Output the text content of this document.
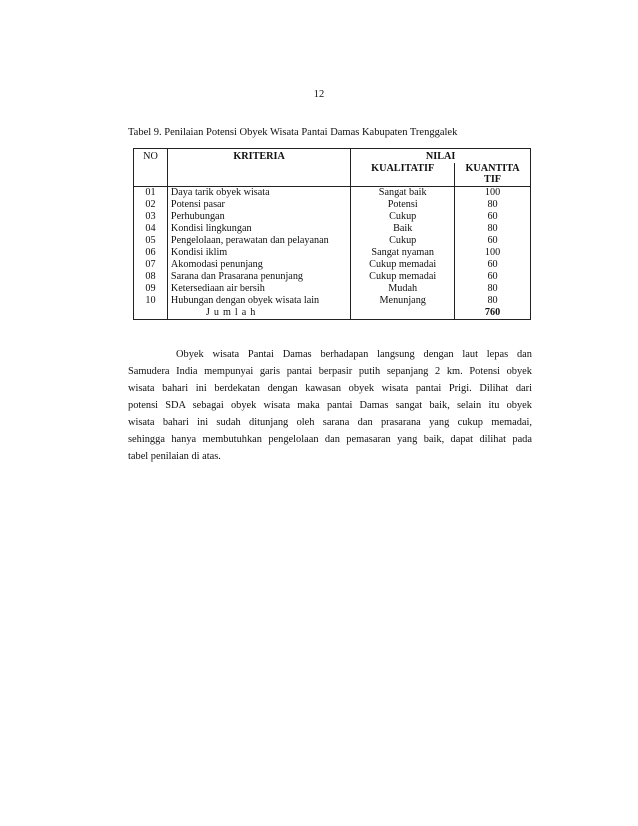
12
Tabel 9. Penilaian Potensi Obyek Wisata Pantai Damas Kabupaten Trenggalek
NO	KRITERIA	NILAI	
		KUALITATIF	KUANTITA
TIF
01	Daya tarik obyek wisata	Sangat baik	100
02	Potensi pasar	Potensi	80
03	Perhubungan	Cukup	60
04	Kondisi lingkungan	Baik	80
05	Pengelolaan, perawatan dan pelayanan	Cukup	60
06	Kondisi iklim	Sangat nyaman	100
07	Akomodasi penunjang	Cukup memadai	60
08	Sarana dan Prasarana penunjang	Cukup memadai	60
09	Ketersediaan air bersih	Mudah	80
10	Hubungan dengan obyek wisata lain	Menunjang	80
	Jumlah		760
Obyek wisata Pantai Damas berhadapan langsung dengan laut lepas dan
Samudera India mempunyai garis pantai berpasir putih sepanjang 2 km. Potensi obyek
wisata bahari ini berdekatan dengan kawasan obyek wisata pantai Prigi. Dilihat dari
potensi SDA sebagai obyek wisata maka pantai Damas sangat baik, selain itu obyek
wisata bahari ini sudah ditunjang oleh sarana dan prasarana yang cukup memadai,
sehingga hanya membutuhkan pengelolaan dan pemasaran yang baik, dapat dilihat pada
tabel penilaian di atas.
